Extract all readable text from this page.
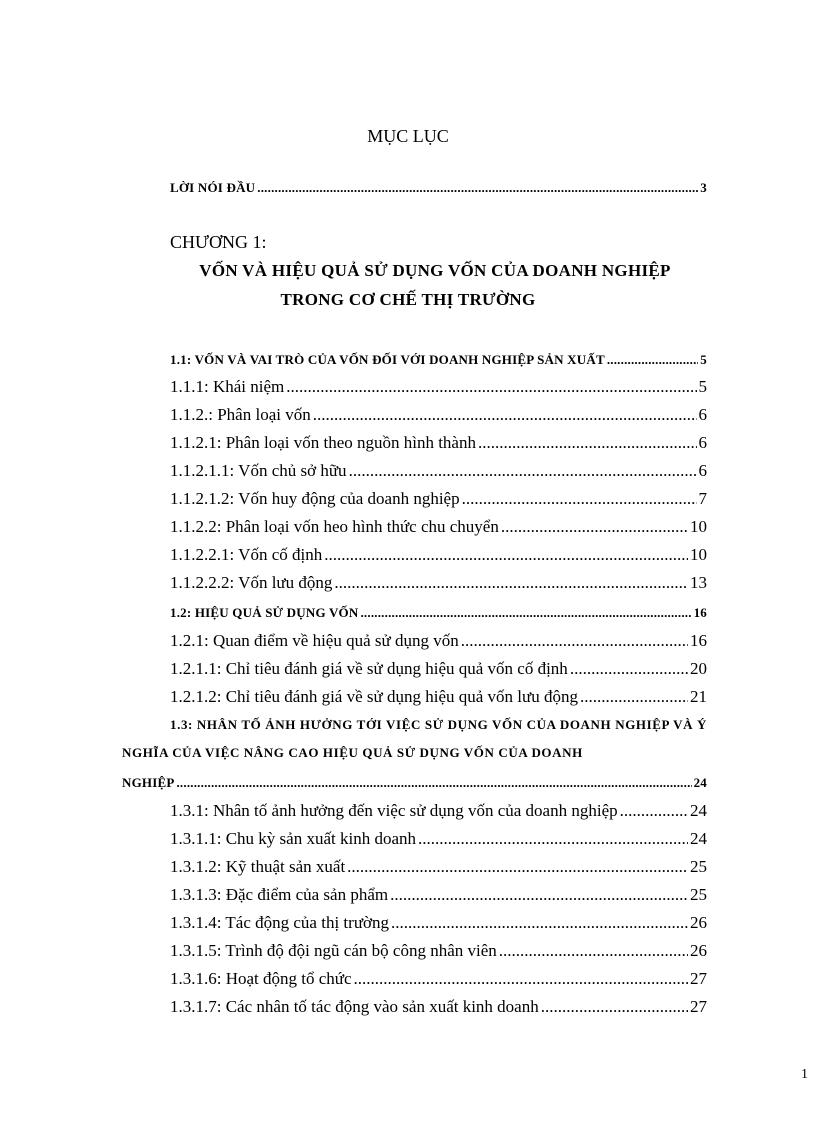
MỤC LỤC
LỜI NÓI ĐẦU .....	3
CHƯƠNG 1:
VỐN VÀ HIỆU QUẢ SỬ DỤNG VỐN CỦA DOANH NGHIỆP
TRONG CƠ CHẾ THỊ TRƯỜNG
1.1: VỐN VÀ VAI TRÒ CỦA VỐN ĐỐI VỚI DOANH NGHIỆP SẢN XUẤT .....	5
1.1.1: Khái niệm .....	5
1.1.2.: Phân loại vốn .....	6
1.1.2.1: Phân loại vốn theo nguồn hình thành .....	6
1.1.2.1.1: Vốn chủ sở hữu .....	6
1.1.2.1.2: Vốn huy động của doanh nghiệp .....	7
1.1.2.2: Phân loại vốn heo hình thức chu chuyển .....	10
1.1.2.2.1: Vốn cố định .....	10
1.1.2.2.2: Vốn lưu động .....	13
1.2: HIỆU QUẢ SỬ DỤNG VỐN .....	16
1.2.1: Quan điểm về hiệu quả sử dụng vốn .....	16
1.2.1.1: Chỉ tiêu đánh giá về sử dụng hiệu quả vốn cố định .....	20
1.2.1.2: Chỉ tiêu đánh giá về sử dụng hiệu quả vốn lưu động .....	21
1.3: NHÂN TỐ ẢNH HƯỞNG TỚI VIỆC SỬ DỤNG VỐN CỦA DOANH NGHIỆP VÀ Ý NGHĨA CỦA VIỆC NÂNG CAO HIỆU QUẢ SỬ DỤNG VỐN CỦA DOANH
NGHIỆP .....	24
1.3.1: Nhân tố ảnh hưởng đến việc sử dụng vốn của doanh nghiệp .....	24
1.3.1.1: Chu kỳ sản xuất kinh doanh .....	24
1.3.1.2: Kỹ thuật sản xuất .....	25
1.3.1.3: Đặc điểm của sản phẩm .....	25
1.3.1.4: Tác động của thị trường .....	26
1.3.1.5: Trình độ đội ngũ cán bộ công nhân viên .....	26
1.3.1.6: Hoạt động tổ chức .....	27
1.3.1.7: Các nhân tố tác động vào sản xuất kinh doanh .....	27
1
